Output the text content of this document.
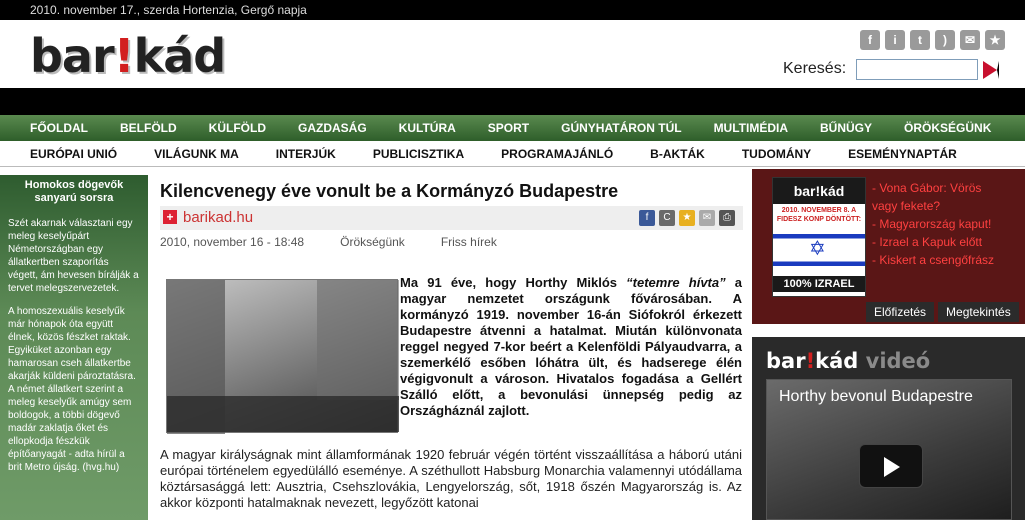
2010. november 17., szerda Hortenzia, Gergő napja
bar!kád	f	i	t	)	✉	★
Keresés:
FŐOLDAL	BELFÖLD	KÜLFÖLD	GAZDASÁG	KULTÚRA	SPORT	GÚNYHATÁRON TÚL	MULTIMÉDIA	BŰNÜGY	ÖRÖKSÉGÜNK
EURÓPAI UNIÓ	VILÁGUNK MA	INTERJÚK	PUBLICISZTIKA	PROGRAMAJÁNLÓ	B-AKTÁK	TUDOMÁNY	ESEMÉNYNAPTÁR
Homokos dögevők sanyarú sorsra

Szét akarnak választani egy meleg keselyűpárt Németországban egy állatkertben szaporítás végett, ám hevesen bírálják a tervet melegszervezetek.

A homoszexuális keselyűk már hónapok óta együtt élnek, közös fészket raktak. Egyiküket azonban egy hamarosan cseh állatkertbe akarják küldeni pároztatásra. A német állatkert szerint a meleg keselyűk amúgy sem boldogok, a többi dögevő madár zaklatja őket és ellopkodja fészkük építőanyagát - adta hírül a brit Metro újság. (hvg.hu)

Kilencvenegy éve vonult be a Kormányzó Budapestre
+ barikad.hu	f	C	★	✉	⎙
2010, november 16 - 18:48	Örökségünk	Friss hírek

Ma 91 éve, hogy Horthy Miklós “tetemre hívta” a magyar nemzetet országunk fővárosában. A kormányzó 1919. november 16-án Siófokról érkezett Budapestre átvenni a hatalmat. Miután különvonata reggel negyed 7-kor beért a Kelenföldi Pályaudvarra, a szemerkélő esőben lóhátra ült, és hadserege élén végigvonult a városon. Hivatalos fogadása a Gellért Szálló előtt, a bevonulási ünnepség pedig az Országháznál zajlott.

A magyar királyságnak mint államformának 1920 február végén történt visszaállítása a háború utáni európai történelem egyedülálló eseménye. A széthullott Habsburg Monarchia valamennyi utódállama köztársasággá lett: Ausztria, Csehszlovákia, Lengyelország, sőt, 1918 őszén Magyarország is. Az akkor központi hatalmaknak nevezett, legyőzött katonai

bar!kád
2010. NOVEMBER 8. A FIDESZ KONP DÖNTÖTT:
✡
100% IZRAEL
- Vona Gábor: Vörös
vagy fekete?
- Magyarország kaput!
- Izrael a Kapuk előtt
- Kiskert a csengőfrász
Előfizetés	Megtekintés
bar!kád videó
Horthy bevonul Budapestre
